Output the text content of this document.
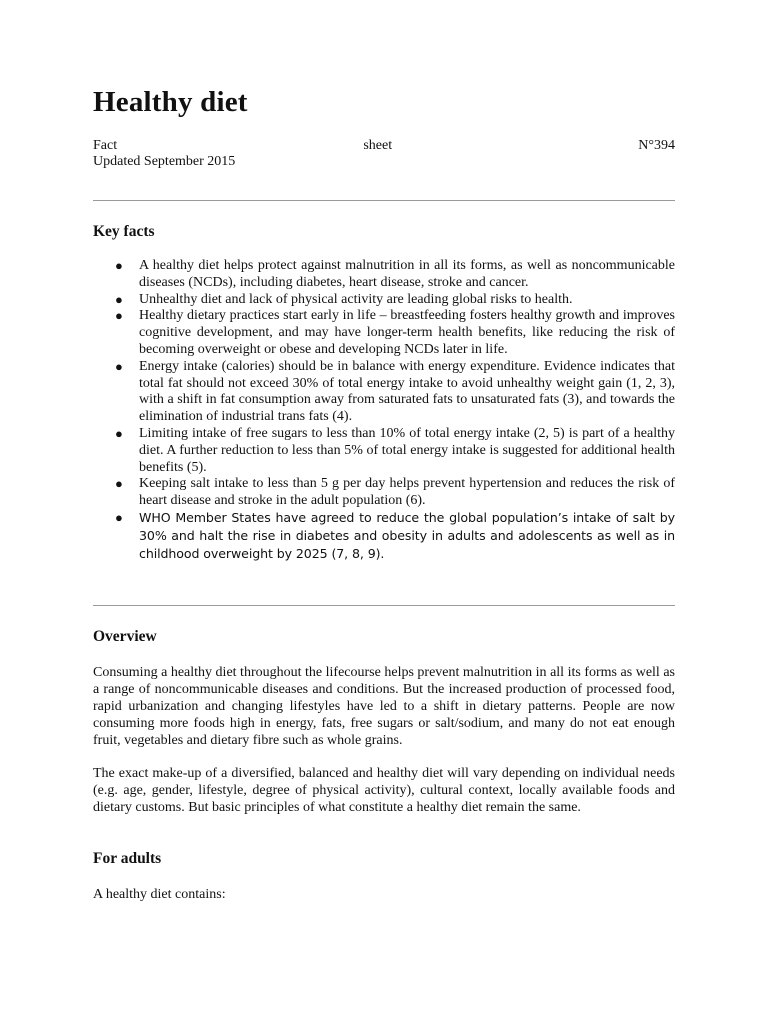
Healthy diet
Fact	sheet	N°394
Updated September 2015
Key facts
● A healthy diet helps protect against malnutrition in all its forms, as well as noncommunicable diseases (NCDs), including diabetes, heart disease, stroke and cancer.
● Unhealthy diet and lack of physical activity are leading global risks to health.
● Healthy dietary practices start early in life – breastfeeding fosters healthy growth and improves cognitive development, and may have longer-term health benefits, like reducing the risk of becoming overweight or obese and developing NCDs later in life.
● Energy intake (calories) should be in balance with energy expenditure. Evidence indicates that total fat should not exceed 30% of total energy intake to avoid unhealthy weight gain (1, 2, 3), with a shift in fat consumption away from saturated fats to unsaturated fats (3), and towards the elimination of industrial trans fats (4).
● Limiting intake of free sugars to less than 10% of total energy intake (2, 5) is part of a healthy diet. A further reduction to less than 5% of total energy intake is suggested for additional health benefits (5).
● Keeping salt intake to less than 5 g per day helps prevent hypertension and reduces the risk of heart disease and stroke in the adult population (6).
● WHO Member States have agreed to reduce the global population’s intake of salt by 30% and halt the rise in diabetes and obesity in adults and adolescents as well as in childhood overweight by 2025 (7, 8, 9).
Overview

Consuming a healthy diet throughout the lifecourse helps prevent malnutrition in all its forms as well as a range of noncommunicable diseases and conditions. But the increased production of processed food, rapid urbanization and changing lifestyles have led to a shift in dietary patterns. People are now consuming more foods high in energy, fats, free sugars or salt/sodium, and many do not eat enough fruit, vegetables and dietary fibre such as whole grains.

The exact make-up of a diversified, balanced and healthy diet will vary depending on individual needs (e.g. age, gender, lifestyle, degree of physical activity), cultural context, locally available foods and dietary customs. But basic principles of what constitute a healthy diet remain the same.

For adults

A healthy diet contains:
